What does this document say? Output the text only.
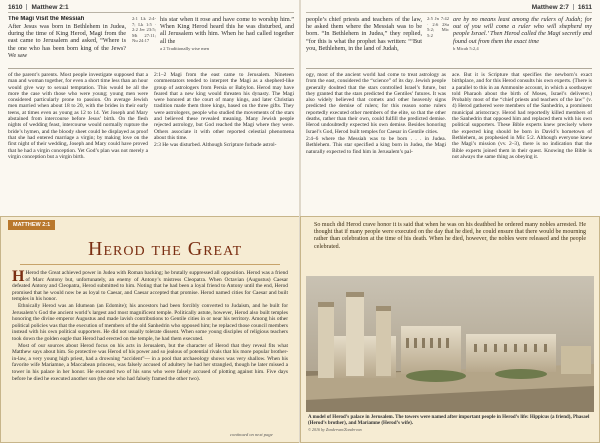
1610 Matthew 2:1
The Magi Visit the Messiah
After Jesus was born in Bethlehem in Judea, during the time of King Herod, Magi from the east came to Jerusalem and asked, “Where is the one who has been born king of the Jews? We saw
2:1 Lk 2:4-7; Lk 1:5 · 2:2 Jer 23:5; Mt 27:11; Nu 24:17
his star when it rose and have come to worship him.” When King Herod heard this he was disturbed, and all Jerusalem with him. When he had called together all the
a 2 Traditionally wise men
of the parent’s parents. Most people investigate supposed that a man and woman together, for even a short time less than an hour would give way to sexual temptation. This would be all the more the case with those who were young; young men were considered particularly prone to passion. On average Jewish men married when about 18 to 20, with the brides in their early teens, at times even as young as 12 to 14. Yet Joseph and Mary abstained from intercourse before Jesus’ birth. On the flesh nights of wedding feast, intercourse would normally rupture the bride’s hymen, and the bloody sheet could be displayed as proof that she had entered marriage a virgin; by making love on the first night of their wedding, Joseph and Mary could have proved that he had a virgin conception. Yet God’s plan was not merely a virgin conception but a virgin birth.
2:1–2 Magi from the east came to Jerusalem. Nineteen commentators tended to interpret the Magi as a shepherd-like group of astrologers from Persia or Babylon. Herod may have feared that a new king would threaten his dynasty. The Magi were honored at the court of many kings, and later Christian tradition made them three kings, based on the three gifts. They were astrologers, people who studied the movements of the stars and believed these revealed meaning. Many Jewish people rejected astrology, but God reached the Magi where they were. Others associate it with other reported celestial phenomena about this time.
2:3 He was disturbed. Although Scripture forbade astrol-
MATTHEW 2:1
Herod the Great

H Herod the Great achieved power in Judea with Roman backing; he brutally suppressed all opposition. Herod was a friend of Marc Antony but, unfortunately, an enemy of Antony’s mistress Cleopatra. When Octavian (Augustus) Caesar defeated Antony and Cleopatra, Herod submitted to him. Noting that he had been a loyal friend to Antony until the end, Herod promised that he would now be as loyal to Caesar, and Caesar accepted that promise. Herod named cities for Caesar and built temples in his honor.

Ethnically Herod was an Idumean (an Edomite); his ancestors had been forcibly converted to Judaism, and he built for Jerusalem’s God the ancient world’s largest and most magnificent temple. Politically astute, however, Herod also built temples honoring the divine emperor Augustus and made lavish contributions to Gentile cities in or near his territory. Among his other political policies was that the execution of members of the old Sanhedrin who opposed him; he replaced those council members instead with his own political supporters. He did not usually tolerate dissent. When some young disciples of religious teachers took down the golden eagle that Herod had erected on the temple, he had them executed.

Most of our sources about Herod focus on his acts in Jerusalem, but the character of Herod that they reveal fits what Matthew says about him. So protective was Herod of his power and so jealous of potential rivals that his more popular brother-in-law, a very young high priest, had a drowning “accident”— in a pool that archaeology shows was very shallow. When his favorite wife Mariamne, a Maccabean princess, was falsely accused of adultery he had her strangled, though he later missed a tower in his palace in her honor. He executed two of his sons who were falsely accused of plotting against him. Five days before he died he executed another son (the one who had falsely framed the other two).

continued on next page
Matthew 2:7 1611
people’s chief priests and teachers of the law, he asked them where the Messiah was to be born. “In Bethlehem in Judea,” they replied, “for this is what the prophet has written: “‘But you, Bethlehem, in the land of Judah,
2:5 Jn 7:42 · 2:6 2Sa 5:2; Mic 5:2
are by no means least among the rulers of Judah; for out of you will come a ruler who will shepherd my people Israel.’ Then Herod called the Magi secretly and found out from them the exact time
b Micah 5:2,4
ogy, most of the ancient world had come to treat astrology as from the east, considered the “science” of its day. Jewish people generally doubted that the stars controlled Israel’s future, but they granted that the stars predicted the Gentiles’ futures. It was also widely believed that comets and other heavenly signs predicted the demise of rulers; for this reason some rulers reportedly executed other members of the elite, so that the other deaths, rather than their own, could fulfill the predicted demise. Herod undoubtedly expected his own demise. Besides honoring Israel’s God, Herod built temples for Caesar in Gentile cities.
2:4–6 where the Messiah was to be born . . . in Judea. Bethlehem. This star specified a king born in Judea, the Magi naturally expected to find him in Jerusalem’s pal-
ace. But it is Scripture that specifies the newborn’s exact birthplace, and for this Herod consults his own experts. (There is a parallel to this in an Ammonite account, in which a soothsayer told Pharaoh about the birth of Moses, Israel’s deliverer.) Probably most of the “chief priests and teachers of the law” (v. 4) Herod gathered were members of the Sanhedrin, a prominent municipal aristocracy. Herod had reportedly killed members of the Sanhedrin that opposed him and replaced them with his own political supporters. These Bible experts knew precisely where the expected king should be born in David’s hometown of Bethlehem, as prophesied in Mic 5:2. Although everyone knew the Magi’s mission (vv. 2–3), there is no indication that the Bible experts joined them in their quest. Knowing the Bible is not always the same thing as obeying it.
So much did Herod crave honor it is said that when he was on his deathbed he ordered many nobles arrested. He thought that if many people were executed on the day that he died, he could ensure that there would be mourning rather than celebration at the time of his death. When he died, however, the nobles were released and the people celebrated.
A model of Herod’s palace in Jerusalem. The towers were named after important people in Herod’s life: Hippicus (a friend), Phasael (Herod’s brother), and Mariamne (Herod’s wife).
© 2016 by Zondervan/Zondervan
